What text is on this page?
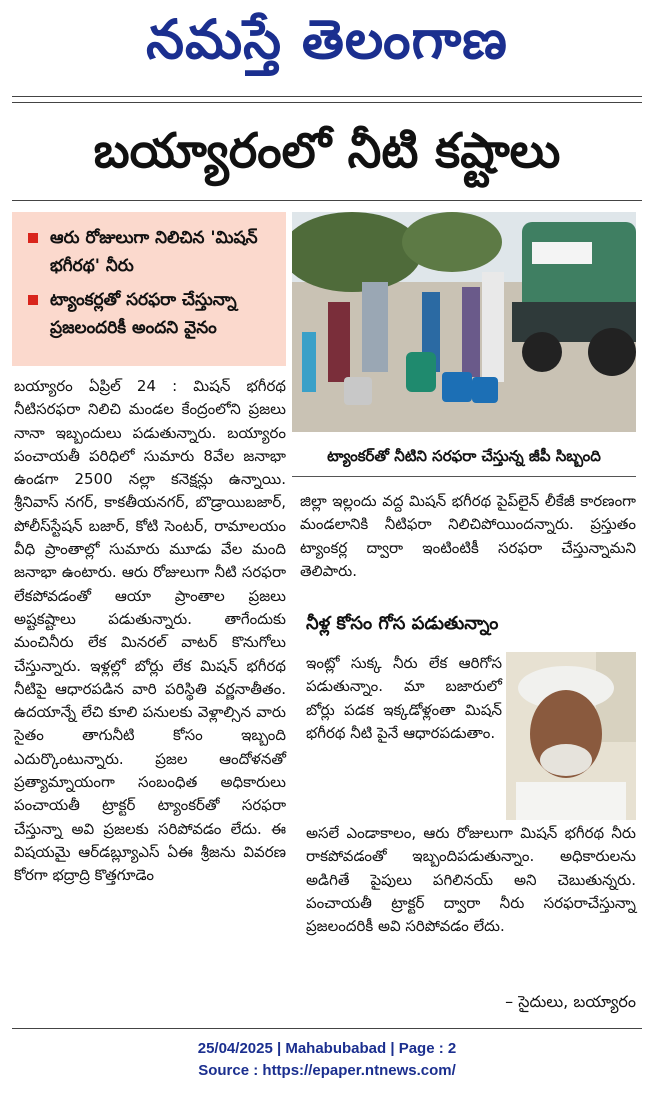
నమస్తే తెలంగాణ
బయ్యారంలో నీటి కష్టాలు
ఆరు రోజులుగా నిలిచిన 'మిషన్ భగీరథ' నీరు
ట్యాంకర్లతో సరఫరా చేస్తున్నా ప్రజలందరికీ అందని వైనం
ట్యాంకర్‌తో నీటిని సరఫరా చేస్తున్న జీపీ సిబ్బంది
బయ్యారం ఏప్రిల్ 24 : మిషన్ భగీరథ నీటిసరఫరా నిలిచి మండల కేంద్రంలోని ప్రజలు నానా ఇబ్బందులు పడుతున్నారు. బయ్యారం పంచాయతీ పరిధిలో సుమారు 8వేల జనాభా ఉండగా 2500 నల్లా కనెక్షన్లు ఉన్నాయి. శ్రీనివాస్ నగర్, కాకతీయనగర్, బొడ్రాయిబజార్, పోలీస్‌స్టేషన్ బజార్, కోటి సెంటర్, రామాలయం వీధి ప్రాంతాల్లో సుమారు మూడు వేల మంది జనాభా ఉంటారు. ఆరు రోజులుగా నీటి సరఫరా లేకపోవడంతో ఆయా ప్రాంతాల ప్రజలు అష్టకష్టాలు పడుతున్నారు. తాగేందుకు మంచినీరు లేక మినరల్ వాటర్ కొనుగోలు చేస్తున్నారు. ఇళ్లల్లో బోర్లు లేక మిషన్ భగీరథ నీటిపై ఆధారపడిన వారి పరిస్థితి వర్ణనాతీతం. ఉదయాన్నే లేచి కూలి పనులకు వెళ్లాల్సిన వారు సైతం తాగునీటి కోసం ఇబ్బంది ఎదుర్కొంటున్నారు. ప్రజల ఆందోళనతో ప్రత్యామ్నాయంగా సంబంధిత అధికారులు పంచాయతీ ట్రాక్టర్ ట్యాంకర్‌తో సరఫరా చేస్తున్నా అవి ప్రజలకు సరిపోవడం లేదు. ఈ విషయమై ఆర్‌డబ్ల్యూఎస్ ఏఈ శ్రీజను వివరణ కోరగా భద్రాద్రి కొత్తగూడెం
జిల్లా ఇల్లందు వద్ద మిషన్ భగీరథ పైప్‌లైన్ లీకేజీ కారణంగా మండలానికి నీటిఫరా నిలిచిపోయిందన్నారు. ప్రస్తుతం ట్యాంకర్ల ద్వారా ఇంటింటికీ సరఫరా చేస్తున్నామని తెలిపారు.
నీళ్ల కోసం గోస పడుతున్నాం
ఇంట్లో సుక్క నీరు లేక ఆరిగోస పడుతున్నాం. మా బజారులో బోర్లు పడక ఇక్కడోళ్లంతా మిషన్ భగీరథ నీటి పైనే ఆధారపడుతాం.
అసలే ఎండాకాలం, ఆరు రోజులుగా మిషన్ భగీరథ నీరు రాకపోవడంతో ఇబ్బందిపడుతున్నాం. అధికారులను అడిగితే పైపులు పగిలినయ్ అని చెబుతున్నరు. పంచాయతీ ట్రాక్టర్ ద్వారా నీరు సరఫరాచేస్తున్నా ప్రజలందరికీ అవి సరిపోవడం లేదు.
– సైదులు, బయ్యారం
25/04/2025 | Mahabubabad | Page : 2
Source : https://epaper.ntnews.com/
